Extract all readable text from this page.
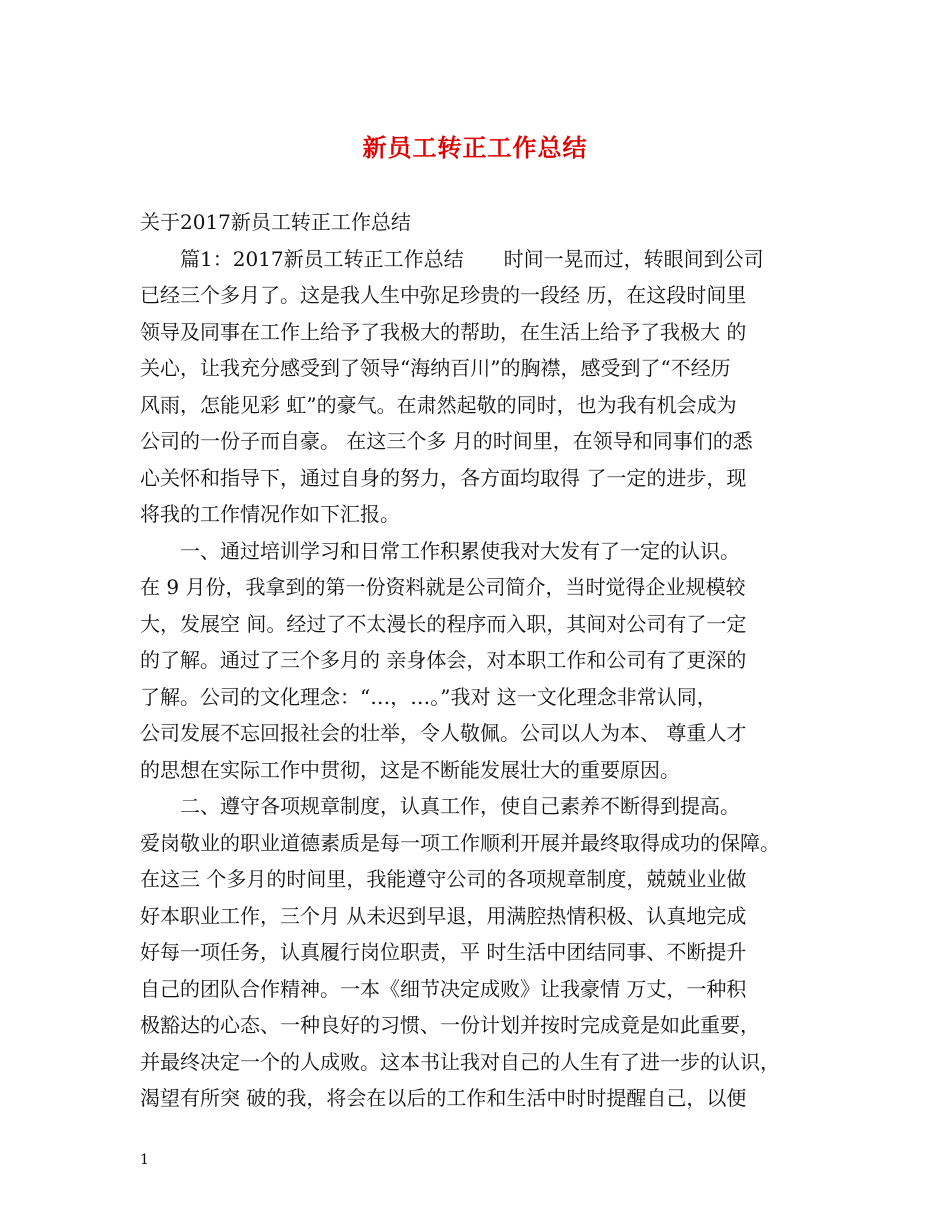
新员工转正工作总结
关于2017新员工转正工作总结
　　篇1：2017新员工转正工作总结　　时间一晃而过，转眼间到公司
已经三个多月了。这是我人生中弥足珍贵的一段经 历，在这段时间里
领导及同事在工作上给予了我极大的帮助，在生活上给予了我极大 的
关心，让我充分感受到了领导“海纳百川”的胸襟，感受到了“不经历
风雨，怎能见彩 虹”的豪气。在肃然起敬的同时，也为我有机会成为
公司的一份子而自豪。 在这三个多 月的时间里，在领导和同事们的悉
心关怀和指导下，通过自身的努力，各方面均取得 了一定的进步，现
将我的工作情况作如下汇报。
　　一、通过培训学习和日常工作积累使我对大发有了一定的认识。
在 9 月份，我拿到的第一份资料就是公司简介，当时觉得企业规模较
大，发展空 间。经过了不太漫长的程序而入职，其间对公司有了一定
的了解。通过了三个多月的 亲身体会，对本职工作和公司有了更深的
了解。公司的文化理念：“…，…。”我对 这一文化理念非常认同，
公司发展不忘回报社会的壮举，令人敬佩。公司以人为本、 尊重人才
的思想在实际工作中贯彻，这是不断能发展壮大的重要原因。
　　二、遵守各项规章制度，认真工作，使自己素养不断得到提高。
爱岗敬业的职业道德素质是每一项工作顺利开展并最终取得成功的保障。
在这三 个多月的时间里，我能遵守公司的各项规章制度，兢兢业业做
好本职业工作，三个月 从未迟到早退，用满腔热情积极、认真地完成
好每一项任务，认真履行岗位职责，平 时生活中团结同事、不断提升
自己的团队合作精神。一本《细节决定成败》让我豪情 万丈，一种积
极豁达的心态、一种良好的习惯、一份计划并按时完成竟是如此重要，
并最终决定一个的人成败。这本书让我对自己的人生有了进一步的认识，
渴望有所突 破的我，将会在以后的工作和生活中时时提醒自己，以便
1
